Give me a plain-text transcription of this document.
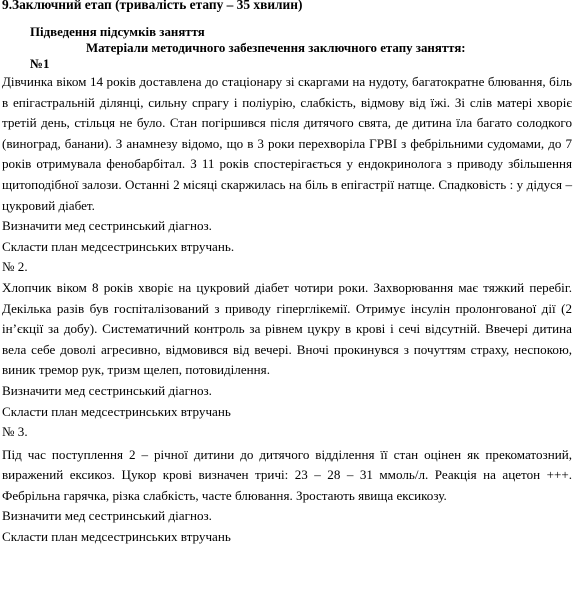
9.Заключний етап (тривалість етапу – 35 хвилин)

Підведення підсумків заняття

Матеріали методичного забезпечення заключного етапу заняття:

№1

Дівчинка віком 14 років доставлена до стаціонару зі скаргами на нудоту, багатократне блювання, біль в епігастральній ділянці, сильну спрагу і поліурію, слабкість, відмову від їжі. Зі слів матері хворіє третій день, стільця не було. Стан погіршився після дитячого свята, де дитина їла багато солодкого (виноград, банани). З анамнезу відомо, що в 3 роки перехворіла ГРВІ з фебрільними судомами, до 7 років отримувала фенобарбітал. З 11 років спостерігається у ендокринолога з приводу збільшення щитоподібної залози. Останні 2 місяці скаржилась на біль в епігастрії натще. Спадковість : у дідуся – цукровий діабет.

Визначити мед сестринський діагноз.

Скласти план медсестринських втручань.

№ 2.

Хлопчик віком 8 років хворіє на цукровий діабет чотири роки. Захворювання має тяжкий перебіг. Декілька разів був госпіталізований з приводу гіперглікемії. Отримує інсулін пролонгованої дії (2 ін’єкції за добу). Систематичний контроль за рівнем цукру в крові і сечі відсутній. Ввечері дитина вела себе доволі агресивно, відмовився від вечері. Вночі прокинувся з почуттям страху, неспокою, виник тремор рук, тризм щелеп, потовиділення.

Визначити мед сестринський діагноз.

Скласти план медсестринських втручань

№ 3.

Під час поступлення 2 – річної дитини до дитячого відділення її стан оцінен як прекоматозний, виражений ексикоз. Цукор крові визначен тричі: 23 – 28 – 31 ммоль/л. Реакція на ацетон +++. Фебрільна гарячка, різка слабкість, часте блювання. Зростають явища ексикозу.

Визначити мед сестринський діагноз.

Скласти план медсестринських втручань
